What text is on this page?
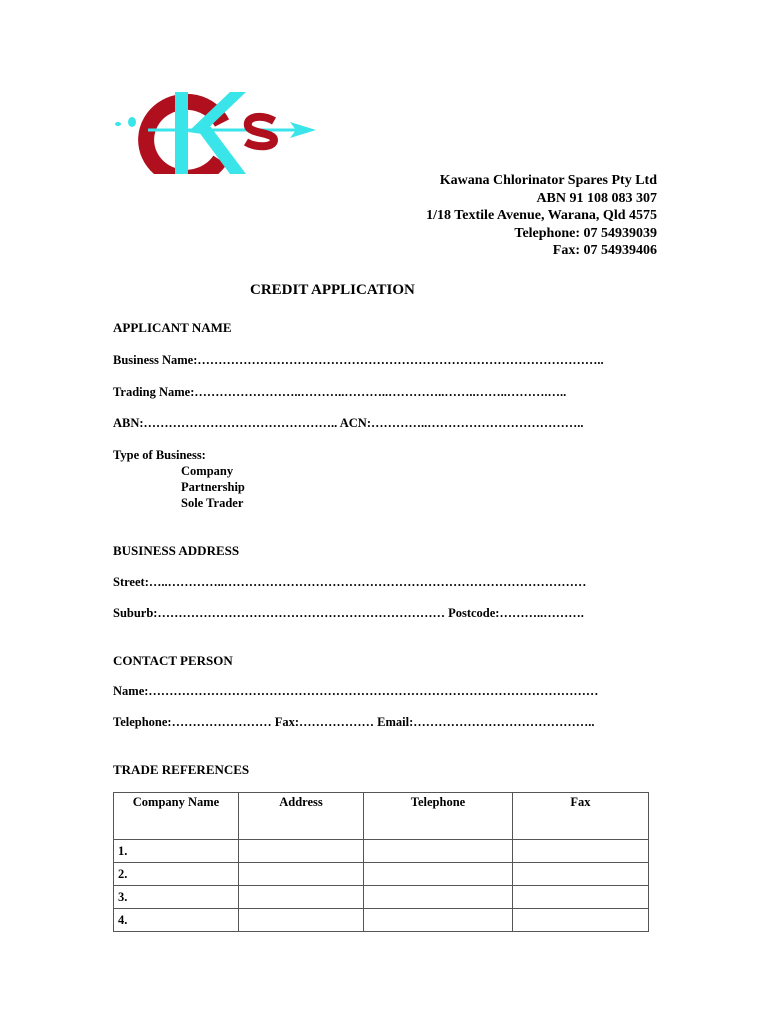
Kawana Chlorinator Spares Pty Ltd
ABN 91 108 083 307
1/18 Textile Avenue, Warana, Qld 4575
Telephone: 07 54939039
Fax: 07 54939406
CREDIT APPLICATION
APPLICANT NAME
Business Name:……………………………………………………………………………………..
Trading Name:……………………..………..………..…………..……..……..……….…..
ABN:……………………………………….. ACN:…………..………………………………..
Type of Business:
Company
Partnership
Sole Trader
BUSINESS ADDRESS
Street:…..…………..……………………………………………………………………………
Suburb:…………………………………………………………… Postcode:………..……….
CONTACT PERSON
Name:………………………………………………………………………………………………
Telephone:…………………… Fax:……………… Email:……………………………………..
TRADE REFERENCES
Company Name	Address	Telephone	Fax
1.			
2.			
3.			
4.			
